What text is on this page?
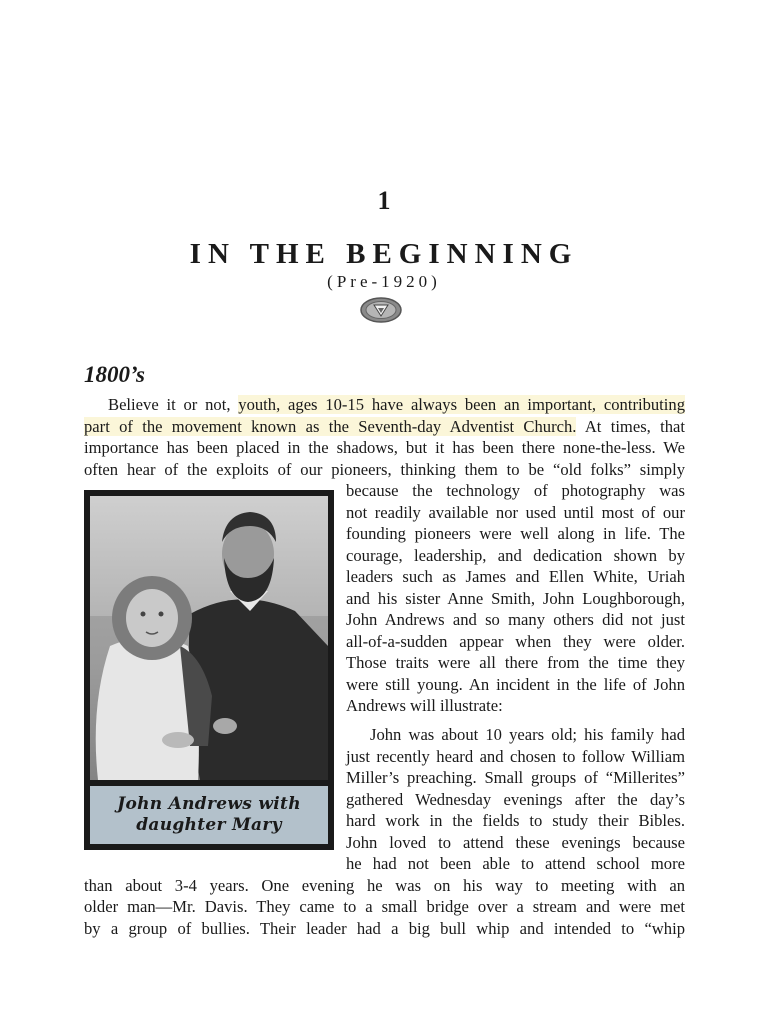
1
IN THE BEGINNING
(Pre-1920)
1800’s
Believe it or not, youth, ages 10-15 have always been an important, contributing
part of the movement known as the Seventh-day Adventist Church. At times, that
importance has been placed in the shadows, but it has been there none-the-less. We
often hear of the exploits of our pioneers, thinking them to be “old folks” simply
because the technology of photography was
not readily available nor used until most of our
founding pioneers were well along in life. The
courage, leadership, and dedication shown by
leaders such as James and Ellen White, Uriah
and his sister Anne Smith, John Loughborough,
John Andrews and so many others did not just
all-of-a-sudden appear when they were older.
Those traits were all there from the time they
were still young. An incident in the life of John
Andrews will illustrate:
John was about 10 years old; his family had
just recently heard and chosen to follow William
Miller’s preaching. Small groups of “Millerites”
gathered Wednesday evenings after the day’s
hard work in the fields to study their Bibles.
John loved to attend these evenings because
he had not been able to attend school more
than about 3-4 years. One evening he was on his way to meeting with an
older man—Mr. Davis. They came to a small bridge over a stream and were met
by a group of bullies. Their leader had a big bull whip and intended to “whip
John Andrews with
daughter Mary
